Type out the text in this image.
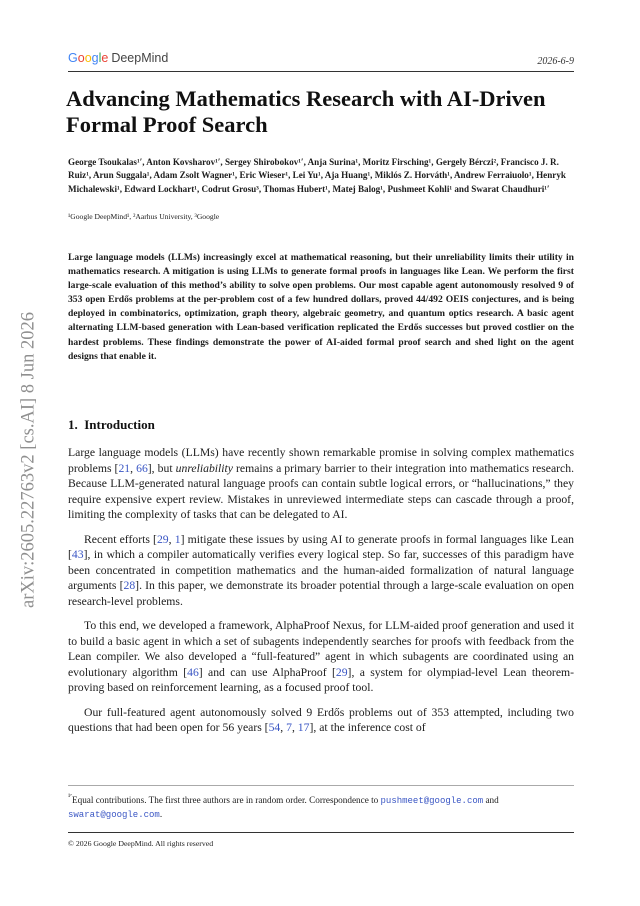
arXiv:2605.22763v2 [cs.AI] 8 Jun 2026
Google DeepMind	2026-6-9
Advancing Mathematics Research with AI-Driven Formal Proof Search
George Tsoukalas¹′, Anton Kovsharov¹′, Sergey Shirobokov¹′, Anja Surina¹, Moritz Firsching¹, Gergely Bérczi², Francisco J. R. Ruiz¹, Arun Suggala¹, Adam Zsolt Wagner¹, Eric Wieser¹, Lei Yu¹, Aja Huang¹, Miklós Z. Horváth¹, Andrew Ferraiuolo¹, Henryk Michalewski¹, Edward Lockhart¹, Codrut Grosu³, Thomas Hubert¹, Matej Balog¹, Pushmeet Kohli¹ and Swarat Chaudhuri¹′
¹Google DeepMind¹, ²Aarhus University, ³Google
Large language models (LLMs) increasingly excel at mathematical reasoning, but their unreliability limits their utility in mathematics research. A mitigation is using LLMs to generate formal proofs in languages like Lean. We perform the first large-scale evaluation of this method’s ability to solve open problems. Our most capable agent autonomously resolved 9 of 353 open Erdős problems at the per-problem cost of a few hundred dollars, proved 44/492 OEIS conjectures, and is being deployed in combinatorics, optimization, graph theory, algebraic geometry, and quantum optics research. A basic agent alternating LLM-based generation with Lean-based verification replicated the Erdős successes but proved costlier on the hardest problems. These findings demonstrate the power of AI-aided formal proof search and shed light on the agent designs that enable it.
1. Introduction

Large language models (LLMs) have recently shown remarkable promise in solving complex mathematics problems [21, 66], but unreliability remains a primary barrier to their integration into mathematics research. Because LLM-generated natural language proofs can contain subtle logical errors, or “hallucinations,” they require expensive expert review. Mistakes in unreviewed intermediate steps can cascade through a proof, limiting the complexity of tasks that can be delegated to AI.

Recent efforts [29, 1] mitigate these issues by using AI to generate proofs in formal languages like Lean [43], in which a compiler automatically verifies every logical step. So far, successes of this paradigm have been concentrated in competition mathematics and the human-aided formalization of natural language arguments [28]. In this paper, we demonstrate its broader potential through a large-scale evaluation on open research-level problems.

To this end, we developed a framework, AlphaProof Nexus, for LLM-aided proof generation and used it to build a basic agent in which a set of subagents independently searches for proofs with feedback from the Lean compiler. We also developed a “full-featured” agent in which subagents are coordinated using an evolutionary algorithm [46] and can use AlphaProof [29], a system for olympiad-level Lean theorem-proving based on reinforcement learning, as a focused proof tool.

Our full-featured agent autonomously solved 9 Erdős problems out of 353 attempted, including two questions that had been open for 56 years [54, 7, 17], at the inference cost of

$^{^1'}$Equal contributions. The first three authors are in random order. Correspondence to pushmeet@google.com and swarat@google.com.
© 2026 Google DeepMind. All rights reserved
